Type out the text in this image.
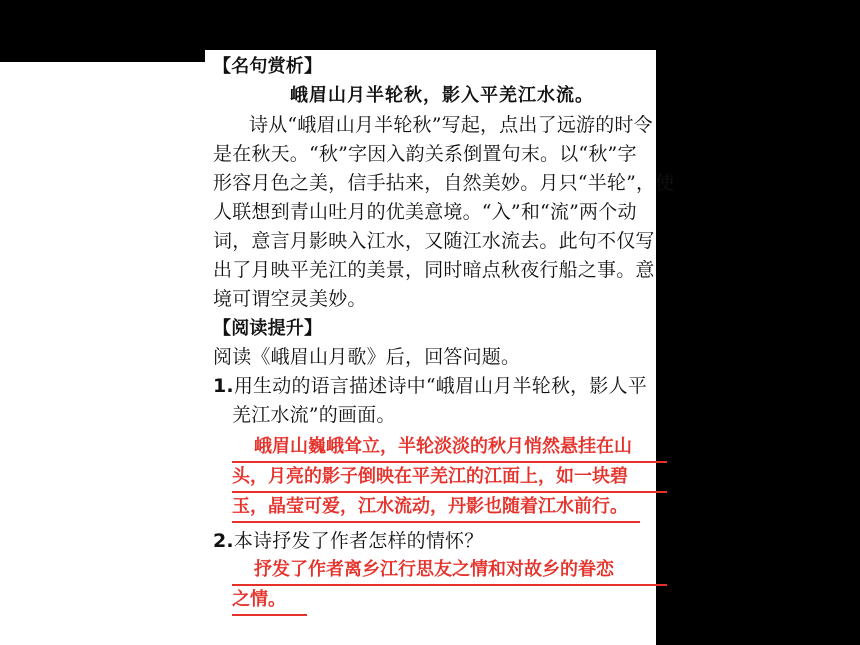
【名句赏析】
峨眉山月半轮秋，影入平羌江水流。
诗从“峨眉山月半轮秋”写起，点出了远游的时令
是在秋天。“秋”字因入韵关系倒置句末。以“秋”字
形容月色之美，信手拈来，自然美妙。月只“半轮”，使
人联想到青山吐月的优美意境。“入”和“流”两个动
词，意言月影映入江水，又随江水流去。此句不仅写
出了月映平羌江的美景，同时暗点秋夜行船之事。意
境可谓空灵美妙。
【阅读提升】
阅读《峨眉山月歌》后，回答问题。
1.用生动的语言描述诗中“峨眉山月半轮秋，影人平
羌江水流”的画面。
峨眉山巍峨耸立，半轮淡淡的秋月悄然悬挂在山
头，月亮的影子倒映在平羌江的江面上，如一块碧
玉，晶莹可爱，江水流动，丹影也随着江水前行。
2.本诗抒发了作者怎样的情怀？
抒发了作者离乡江行思友之情和对故乡的眷恋
之情。
